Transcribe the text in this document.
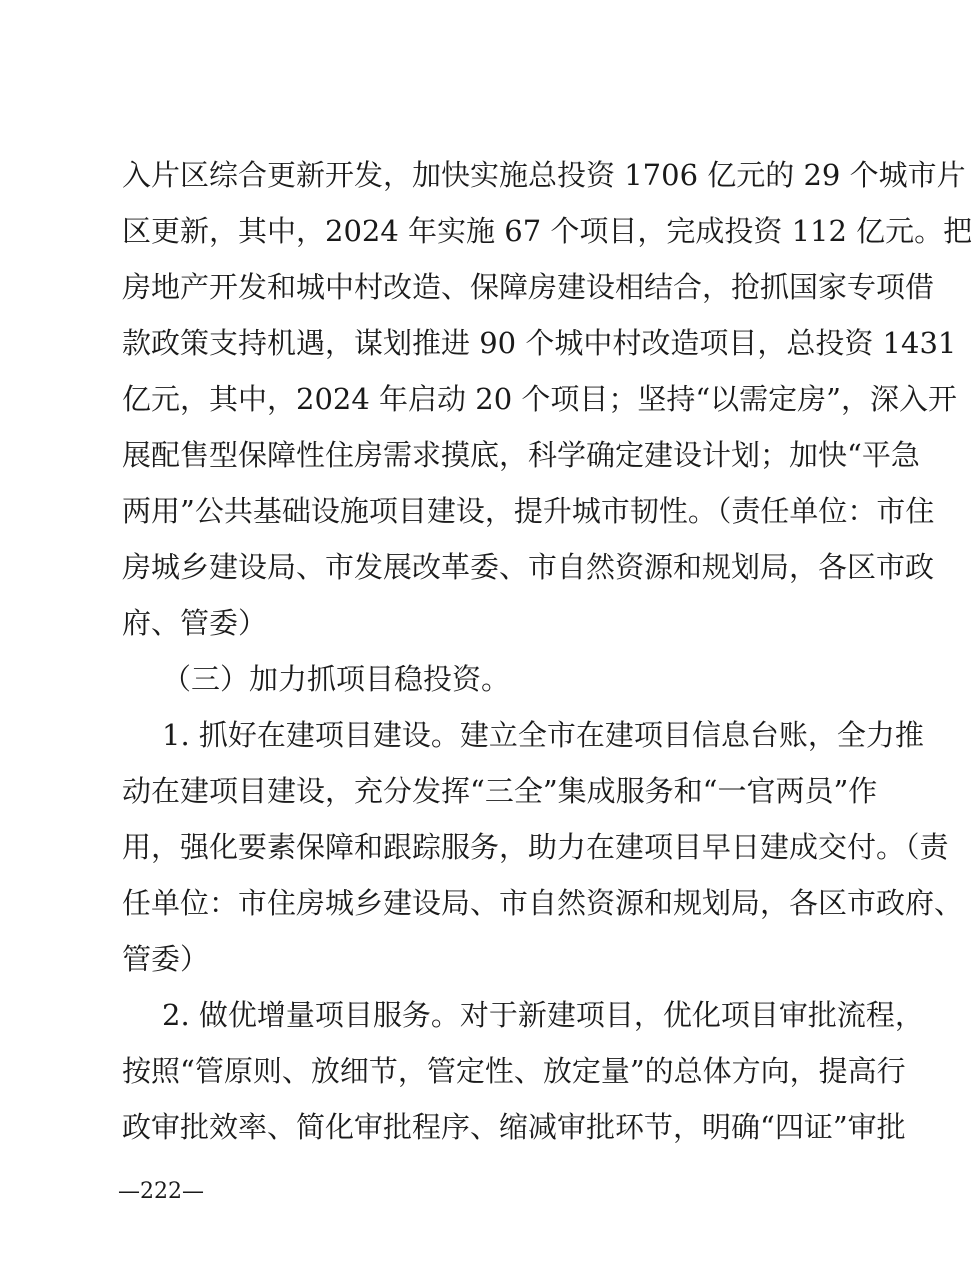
入片区综合更新开发，加快实施总投资 1706 亿元的 29 个城市片
区更新，其中，2024 年实施 67 个项目，完成投资 112 亿元。把
房地产开发和城中村改造、保障房建设相结合，抢抓国家专项借
款政策支持机遇，谋划推进 90 个城中村改造项目，总投资 1431
亿元，其中，2024 年启动 20 个项目；坚持“以需定房”，深入开
展配售型保障性住房需求摸底，科学确定建设计划；加快“平急
两用”公共基础设施项目建设，提升城市韧性。（责任单位：市住
房城乡建设局、市发展改革委、市自然资源和规划局，各区市政
府、管委）
（三）加力抓项目稳投资。
1. 抓好在建项目建设。建立全市在建项目信息台账，全力推
动在建项目建设，充分发挥“三全”集成服务和“一官两员”作
用，强化要素保障和跟踪服务，助力在建项目早日建成交付。（责
任单位：市住房城乡建设局、市自然资源和规划局，各区市政府、
管委）
2. 做优增量项目服务。对于新建项目，优化项目审批流程，
按照“管原则、放细节，管定性、放定量”的总体方向，提高行
政审批效率、简化审批程序、缩减审批环节，明确“四证”审批
—222—
